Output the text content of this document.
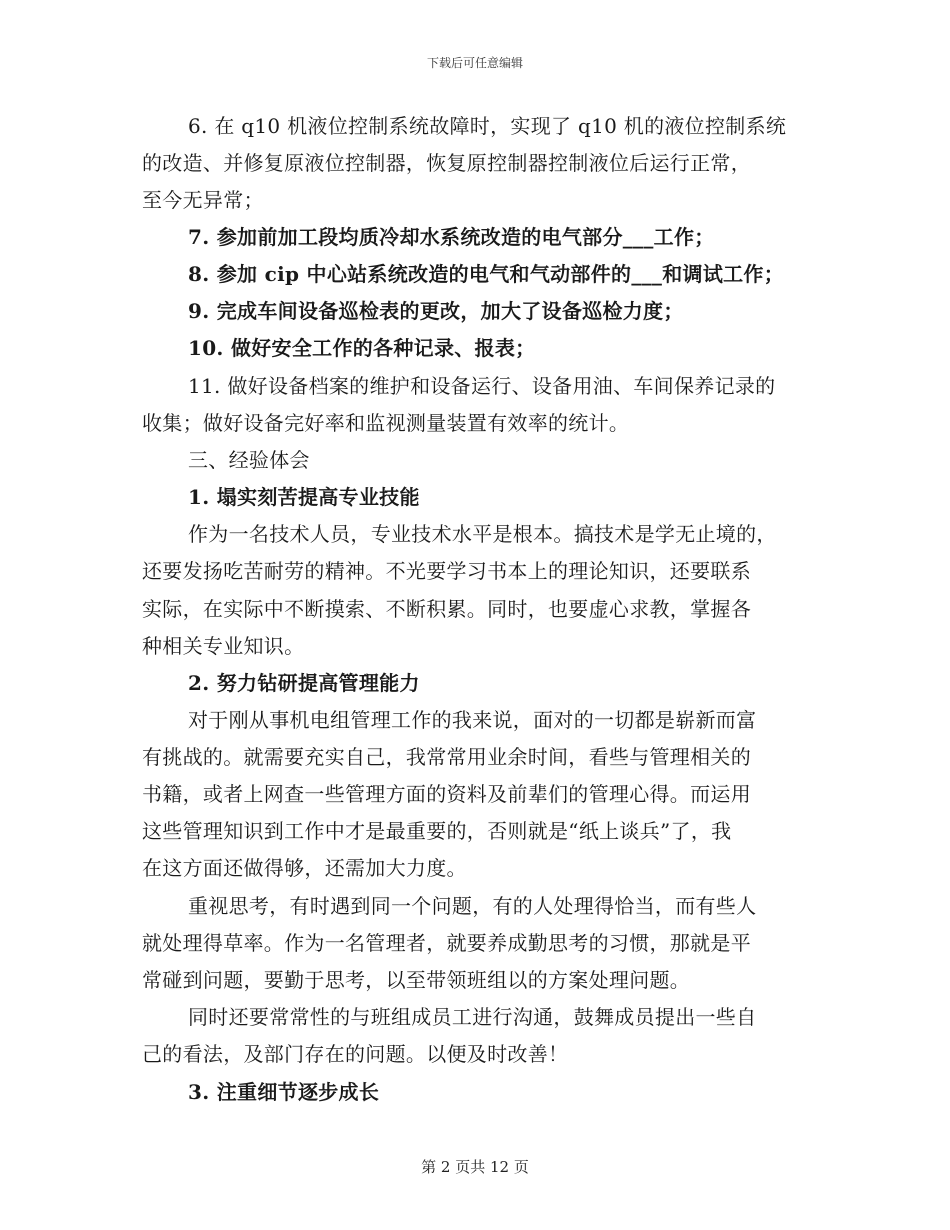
下载后可任意编辑
6. 在 q10 机液位控制系统故障时，实现了 q10 机的液位控制系统
的改造、并修复原液位控制器，恢复原控制器控制液位后运行正常，
至今无异常；
7. 参加前加工段均质冷却水系统改造的电气部分___工作；
8. 参加 cip 中心站系统改造的电气和气动部件的___和调试工作；
9. 完成车间设备巡检表的更改，加大了设备巡检力度；
10. 做好安全工作的各种记录、报表；
11. 做好设备档案的维护和设备运行、设备用油、车间保养记录的
收集；做好设备完好率和监视测量装置有效率的统计。
三、经验体会
1. 塌实刻苦提高专业技能
作为一名技术人员，专业技术水平是根本。搞技术是学无止境的，
还要发扬吃苦耐劳的精神。不光要学习书本上的理论知识，还要联系
实际，在实际中不断摸索、不断积累。同时，也要虚心求教，掌握各
种相关专业知识。
2. 努力钻研提高管理能力
对于刚从事机电组管理工作的我来说，面对的一切都是崭新而富
有挑战的。就需要充实自己，我常常用业余时间，看些与管理相关的
书籍，或者上网查一些管理方面的资料及前辈们的管理心得。而运用
这些管理知识到工作中才是最重要的，否则就是“纸上谈兵”了，我
在这方面还做得够，还需加大力度。
重视思考，有时遇到同一个问题，有的人处理得恰当，而有些人
就处理得草率。作为一名管理者，就要养成勤思考的习惯，那就是平
常碰到问题，要勤于思考，以至带领班组以的方案处理问题。
同时还要常常性的与班组成员工进行沟通，鼓舞成员提出一些自
己的看法，及部门存在的问题。以便及时改善！
3. 注重细节逐步成长
第 2 页共 12 页
